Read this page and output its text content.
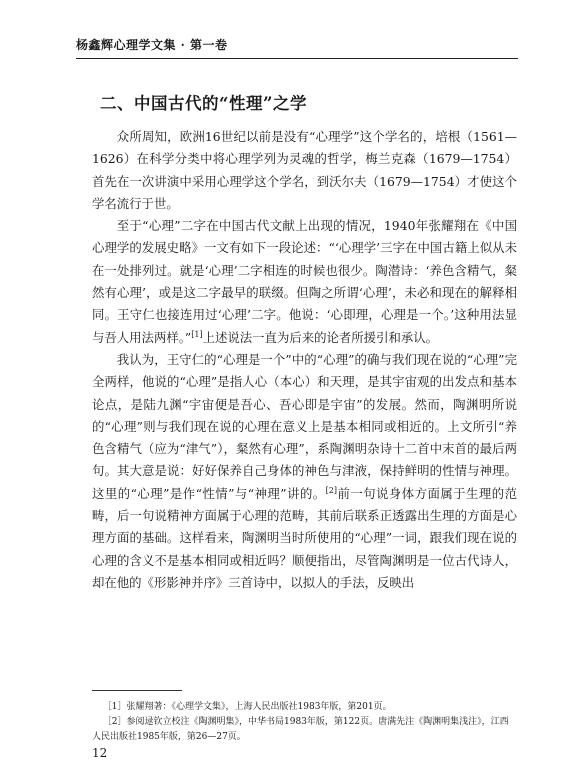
杨鑫辉心理学文集 · 第一卷
二、中国古代的“性理”之学

众所周知，欧洲16世纪以前是没有“心理学”这个学名的，培根（1561—1626）在科学分类中将心理学列为灵魂的哲学，梅兰克森（1679—1754）首先在一次讲演中采用心理学这个学名，到沃尔夫（1679—1754）才使这个学名流行于世。

至于“心理”二字在中国古代文献上出现的情况，1940年张耀翔在《中国心理学的发展史略》一文有如下一段论述：“‘心理学’三字在中国古籍上似从未在一处排列过。就是‘心理’二字相连的时候也很少。陶潜诗：‘养色含精气，粲然有心理’，或是这二字最早的联缀。但陶之所谓‘心理’，未必和现在的解释相同。王守仁也接连用过‘心理’二字。他说：‘心即理，心理是一个。’这种用法显与吾人用法两样。”[1]上述说法一直为后来的论者所援引和承认。

我认为，王守仁的“心理是一个”中的“心理”的确与我们现在说的“心理”完全两样，他说的“心理”是指人心（本心）和天理，是其宇宙观的出发点和基本论点，是陆九渊“宇宙便是吾心、吾心即是宇宙”的发展。然而，陶渊明所说的“心理”则与我们现在说的心理在意义上是基本相同或相近的。上文所引“养色含精气（应为“津气”），粲然有心理”，系陶渊明杂诗十二首中末首的最后两句。其大意是说：好好保养自己身体的神色与津液，保持鲜明的性情与神理。这里的“心理”是作“性情”与“神理”讲的。[2]前一句说身体方面属于生理的范畴，后一句说精神方面属于心理的范畴，其前后联系正透露出生理的方面是心理方面的基础。这样看来，陶渊明当时所使用的“心理”一词，跟我们现在说的心理的含义不是基本相同或相近吗？顺便指出，尽管陶渊明是一位古代诗人，却在他的《形影神并序》三首诗中，以拟人的手法，反映出

［1］张耀翔著：《心理学文集》，上海人民出版社1983年版，第201页。

［2］参阅逯钦立校注《陶渊明集》，中华书局1983年版，第122页。唐满先注《陶渊明集浅注》，江西人民出版社1985年版，第26—27页。

12
